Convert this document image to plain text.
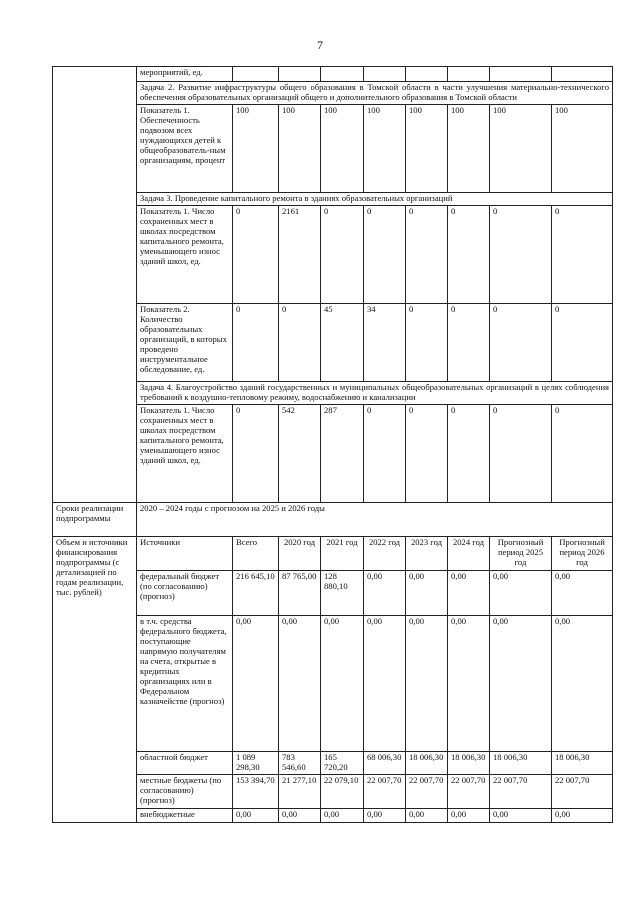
7
	мероприятий, ед.								
	Задача 2. Развитие инфраструктуры общего образования в Томской области в части улучшения материально-технического обеспечения образовательных организаций общего и дополнительного образования в Томской области								
	Показатель 1. Обеспеченность подвозом всех нуждающихся детей к общеобразователь-ным организациям, процент	100	100	100	100	100	100	100	100
	Задача 3. Проведение капитального ремонта в зданиях образовательных организаций								
	Показатель 1. Число сохраненных мест в школах посредством капитального ремонта, уменьшающего износ зданий школ, ед.	0	2161	0	0	0	0	0	0
	Показатель 2. Количество образовательных организаций, в которых проведено инструментальное обследование, ед.	0	0	45	34	0	0	0	0
	Задача 4. Благоустройство зданий государственных и муниципальных общеобразовательных организаций в целях соблюдения требований к воздушно-тепловому режиму, водоснабжению и канализации								
	Показатель 1. Число сохраненных мест в школах посредством капитального ремонта, уменьшающего износ зданий школ, ед.	0	542	287	0	0	0	0	0
Сроки реализации подпрограммы	2020 – 2024 годы с прогнозом на 2025 и 2026 годы								
Объем и источники финансирования подпрограммы (с детализацией по годам реализации, тыс. рублей)	Источники	Всего	2020 год	2021 год	2022 год	2023 год	2024 год	Прогнозный период 2025 год	Прогнозный период 2026 год
	федеральный бюджет (по согласованию) (прогноз)	216 645,10	87 765,00	128 880,10	0,00	0,00	0,00	0,00	0,00
	в т.ч. средства федерального бюджета, поступающие напрямую получателям на счета, открытые в кредитных организациях или в Федеральном казначействе (прогноз)	0,00	0,00	0,00	0,00	0,00	0,00	0,00	0,00
	областной бюджет	1 089 298,30	783 546,60	165 720,20	68 006,30	18 006,30	18 006,30	18 006,30	18 006,30
	местные бюджеты (по согласованию) (прогноз)	153 394,70	21 277,10	22 079,10	22 007,70	22 007,70	22 007,70	22 007,70	22 007,70
	внебюджетные	0,00	0,00	0,00	0,00	0,00	0,00	0,00	0,00
